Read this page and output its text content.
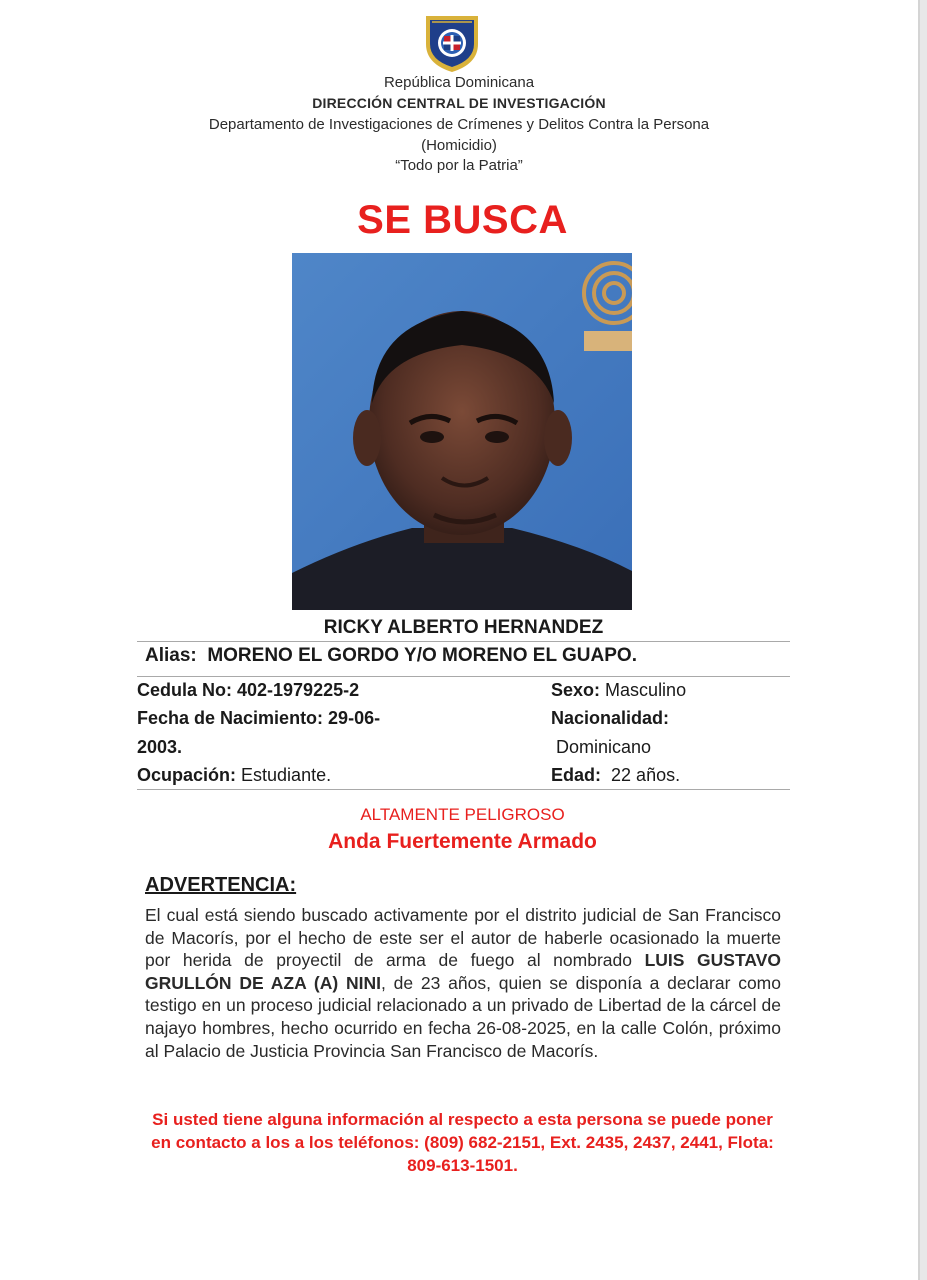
República Dominicana
DIRECCIÓN CENTRAL DE INVESTIGACIÓN
Departamento de Investigaciones de Crímenes y Delitos Contra la Persona
(Homicidio)
“Todo por la Patria”
SE BUSCA
RICKY ALBERTO HERNANDEZ
Alias: MORENO EL GORDO Y/O MORENO EL GUAPO.
Cedula No: 402-1979225-2
Fecha de Nacimiento: 29-06-
2003.
Ocupación: Estudiante.
Sexo: Masculino
Nacionalidad:
Dominicano
Edad: 22 años.
ALTAMENTE PELIGROSO
Anda Fuertemente Armado
ADVERTENCIA:
El cual está siendo buscado activamente por el distrito judicial de San Francisco de Macorís, por el hecho de este ser el autor de haberle ocasionado la muerte por herida de proyectil de arma de fuego al nombrado LUIS GUSTAVO GRULLÓN DE AZA (A) NINI, de 23 años, quien se disponía a declarar como testigo en un proceso judicial relacionado a un privado de Libertad de la cárcel de najayo hombres, hecho ocurrido en fecha 26-08-2025, en la calle Colón, próximo al Palacio de Justicia Provincia San Francisco de Macorís.
Si usted tiene alguna información al respecto a esta persona se puede poner en contacto a los a los teléfonos: (809) 682-2151, Ext. 2435, 2437, 2441, Flota: 809-613-1501.
